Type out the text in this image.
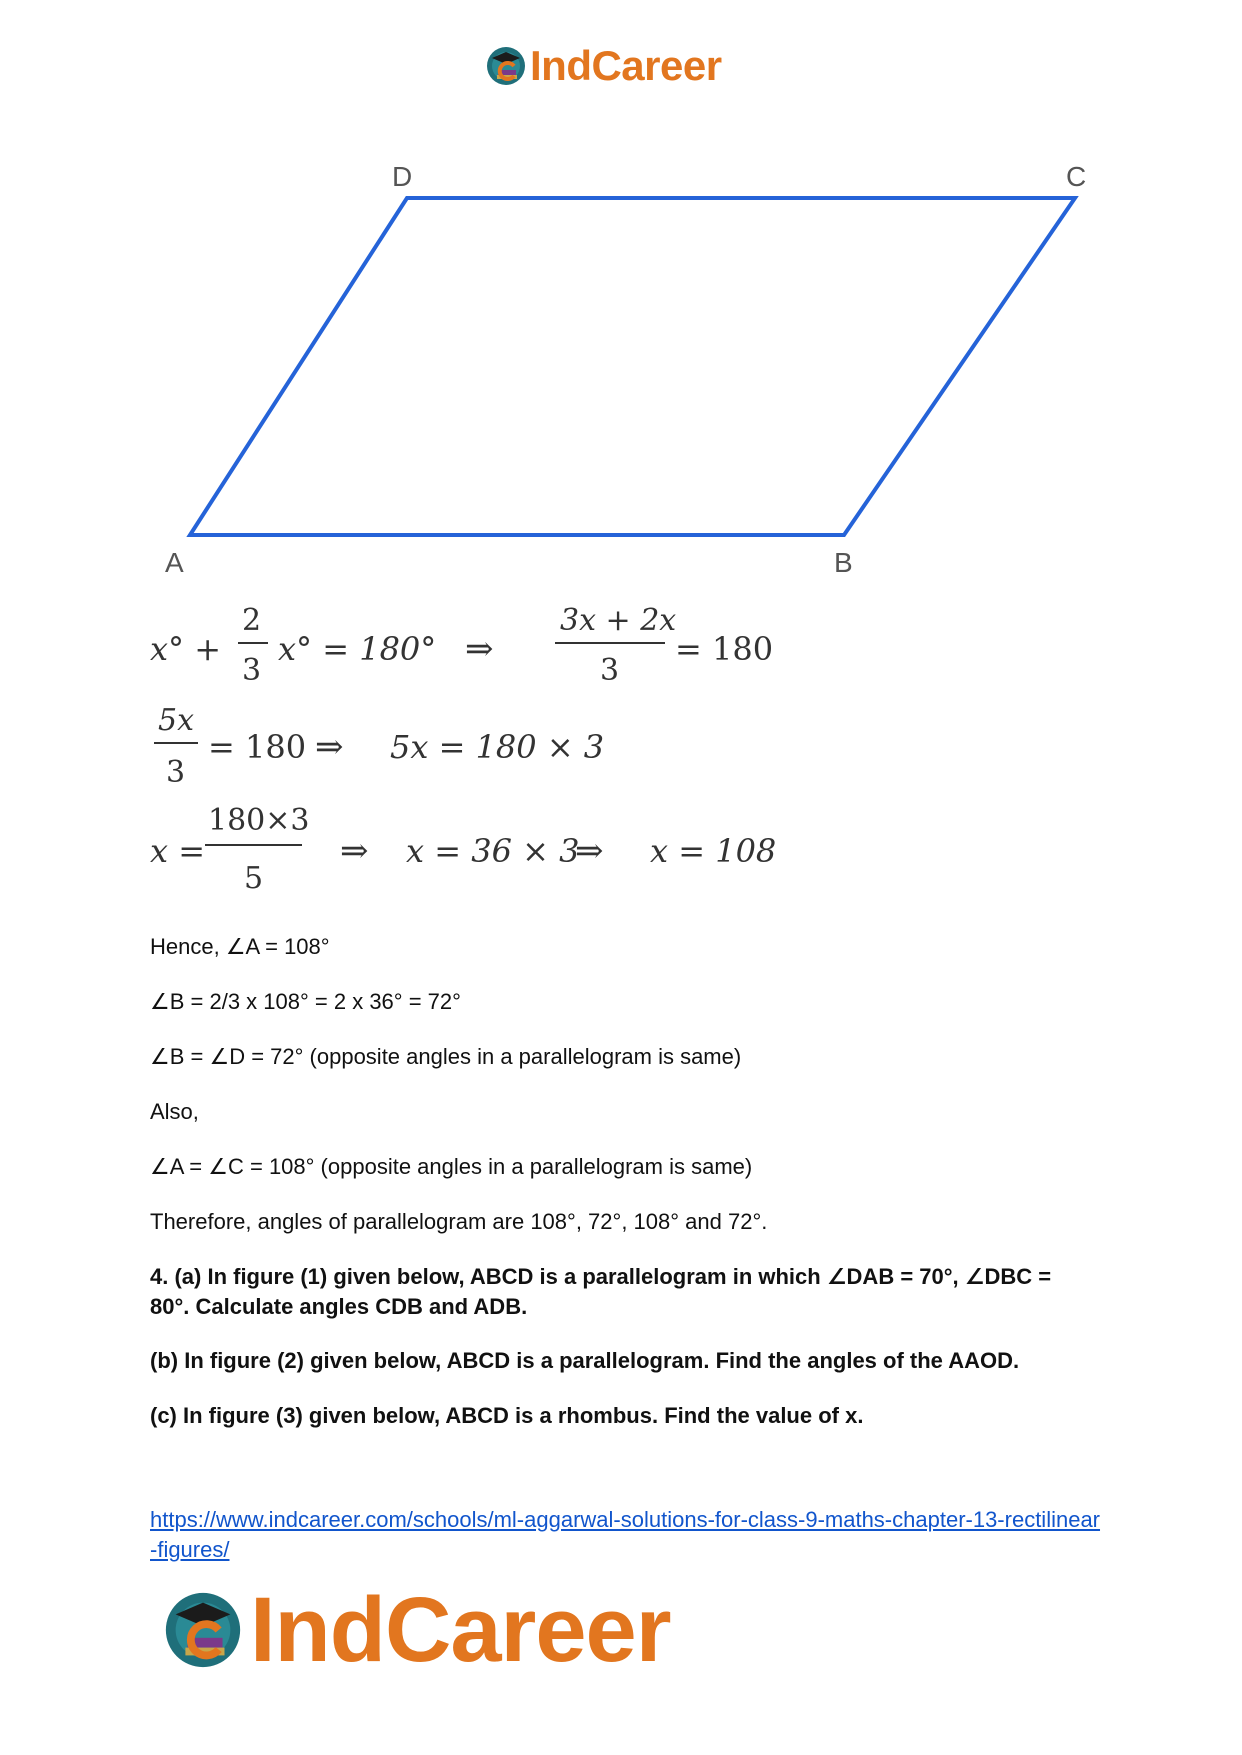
IndCareer
D	C
A	B
x° +
2
3
x° = 180° ⇒
3x + 2x
3
= 180
5x
3
= 180 ⇒ 5x = 180 × 3
x =
180×3
5
⇒ x = 36 × 3
⇒ x = 108
Hence, ∠A = 108°
∠B = 2/3 x 108° = 2 x 36° = 72°
∠B = ∠D = 72° (opposite angles in a parallelogram is same)
Also,
∠A = ∠C = 108° (opposite angles in a parallelogram is same)
Therefore, angles of parallelogram are 108°, 72°, 108° and 72°.
4. (a) In figure (1) given below, ABCD is a parallelogram in which ∠DAB = 70°, ∠DBC = 80°. Calculate angles CDB and ADB.
(b) In figure (2) given below, ABCD is a parallelogram. Find the angles of the AAOD.
(c) In figure (3) given below, ABCD is a rhombus. Find the value of x.
https://www.indcareer.com/schools/ml-aggarwal-solutions-for-class-9-maths-chapter-13-rectilinear-figures/
IndCareer
